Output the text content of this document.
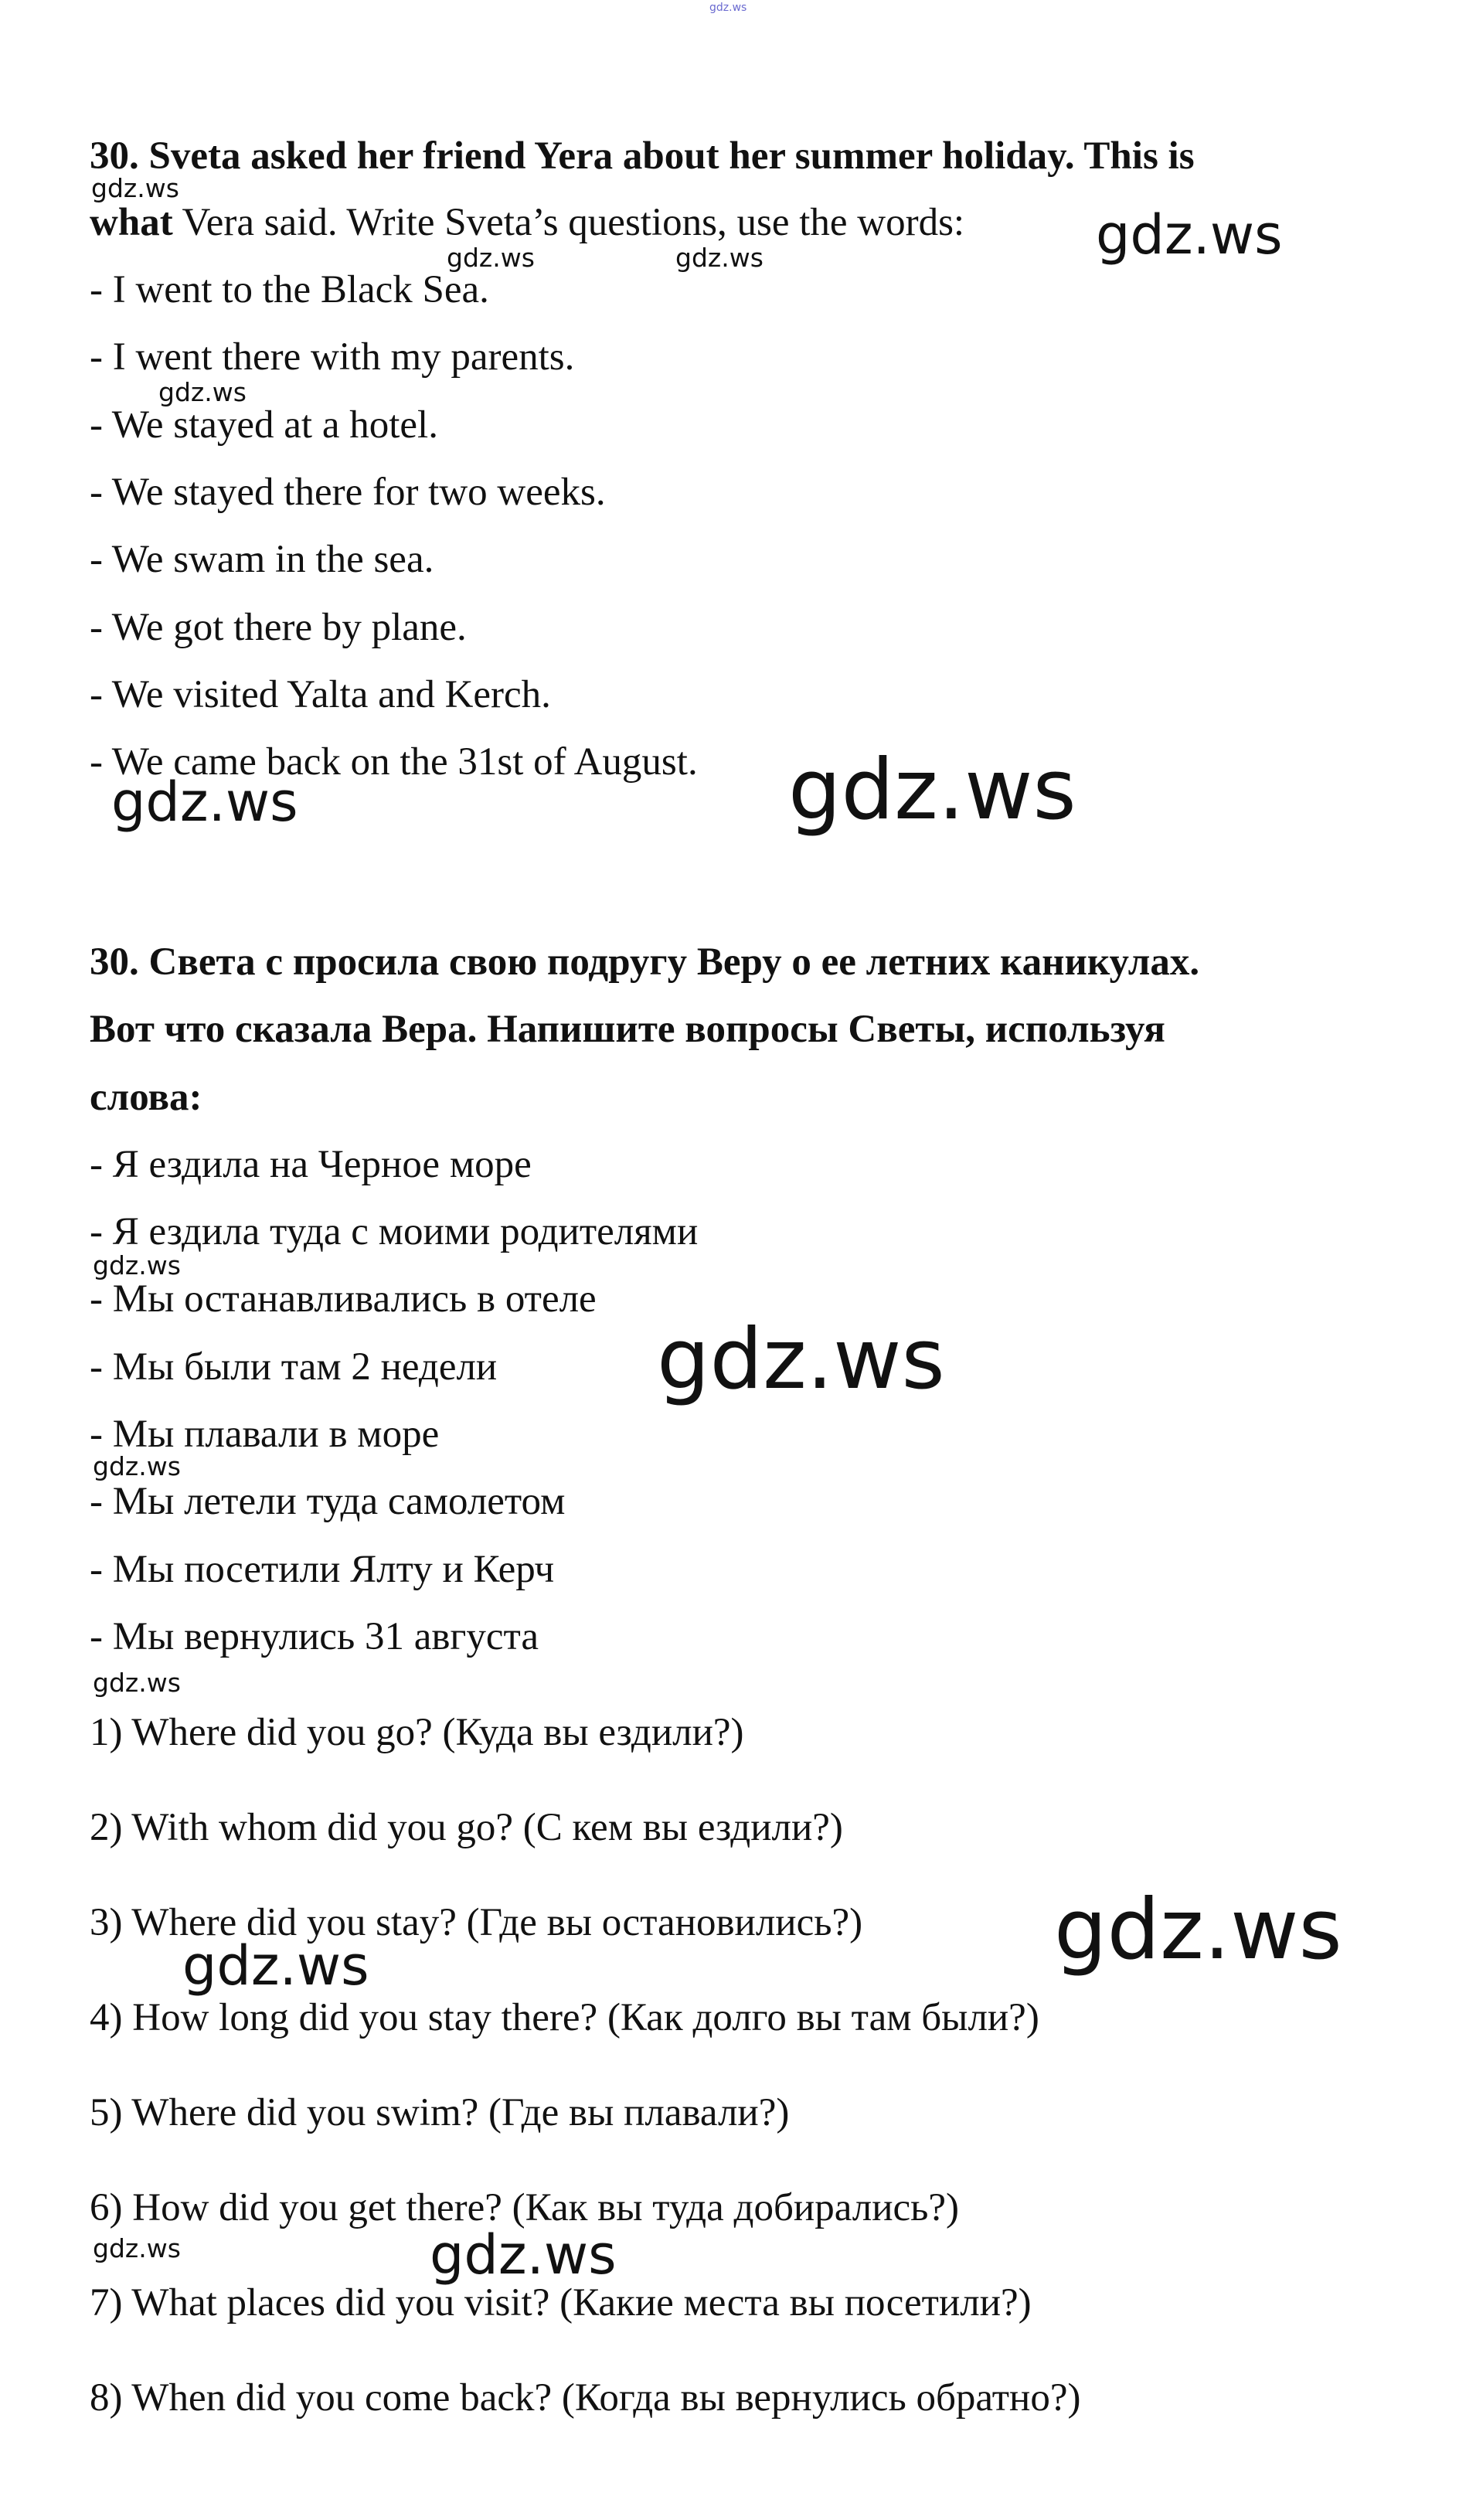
gdz.ws
30. Sveta asked her friend Yera about her summer holiday. This is
what Vera said. Write Sveta’s questions, use the words:
- I went to the Black Sea.
- I went there with my parents.
- We stayed at a hotel.
- We stayed there for two weeks.
- We swam in the sea.
- We got there by plane.
- We visited Yalta and Kerch.
- We came back on the 31st of August.
30. Света с просила свою подругу Веру о ее летних каникулах.
Вот что сказала Вера. Напишите вопросы Светы, используя
слова:
- Я ездила на Черное море
- Я ездила туда с моими родителями
- Мы останавливались в отеле
- Мы были там 2 недели
- Мы плавали в море
- Мы летели туда самолетом
- Мы посетили Ялту и Керч
- Мы вернулись 31 августа
1) Where did you go? (Куда вы ездили?)
2) With whom did you go? (С кем вы ездили?)
3) Where did you stay? (Где вы остановились?)
4) How long did you stay there? (Как долго вы там были?)
5) Where did you swim? (Где вы плавали?)
6) How did you get there? (Как вы туда добирались?)
7) What places did you visit? (Какие места вы посетили?)
8) When did you come back? (Когда вы вернулись обратно?)
gdz.ws
gdz.ws
gdz.ws	gdz.ws
gdz.ws
gdz.ws	gdz.ws
gdz.ws
gdz.ws
gdz.ws
gdz.ws
gdz.ws
gdz.ws
gdz.ws	gdz.ws
